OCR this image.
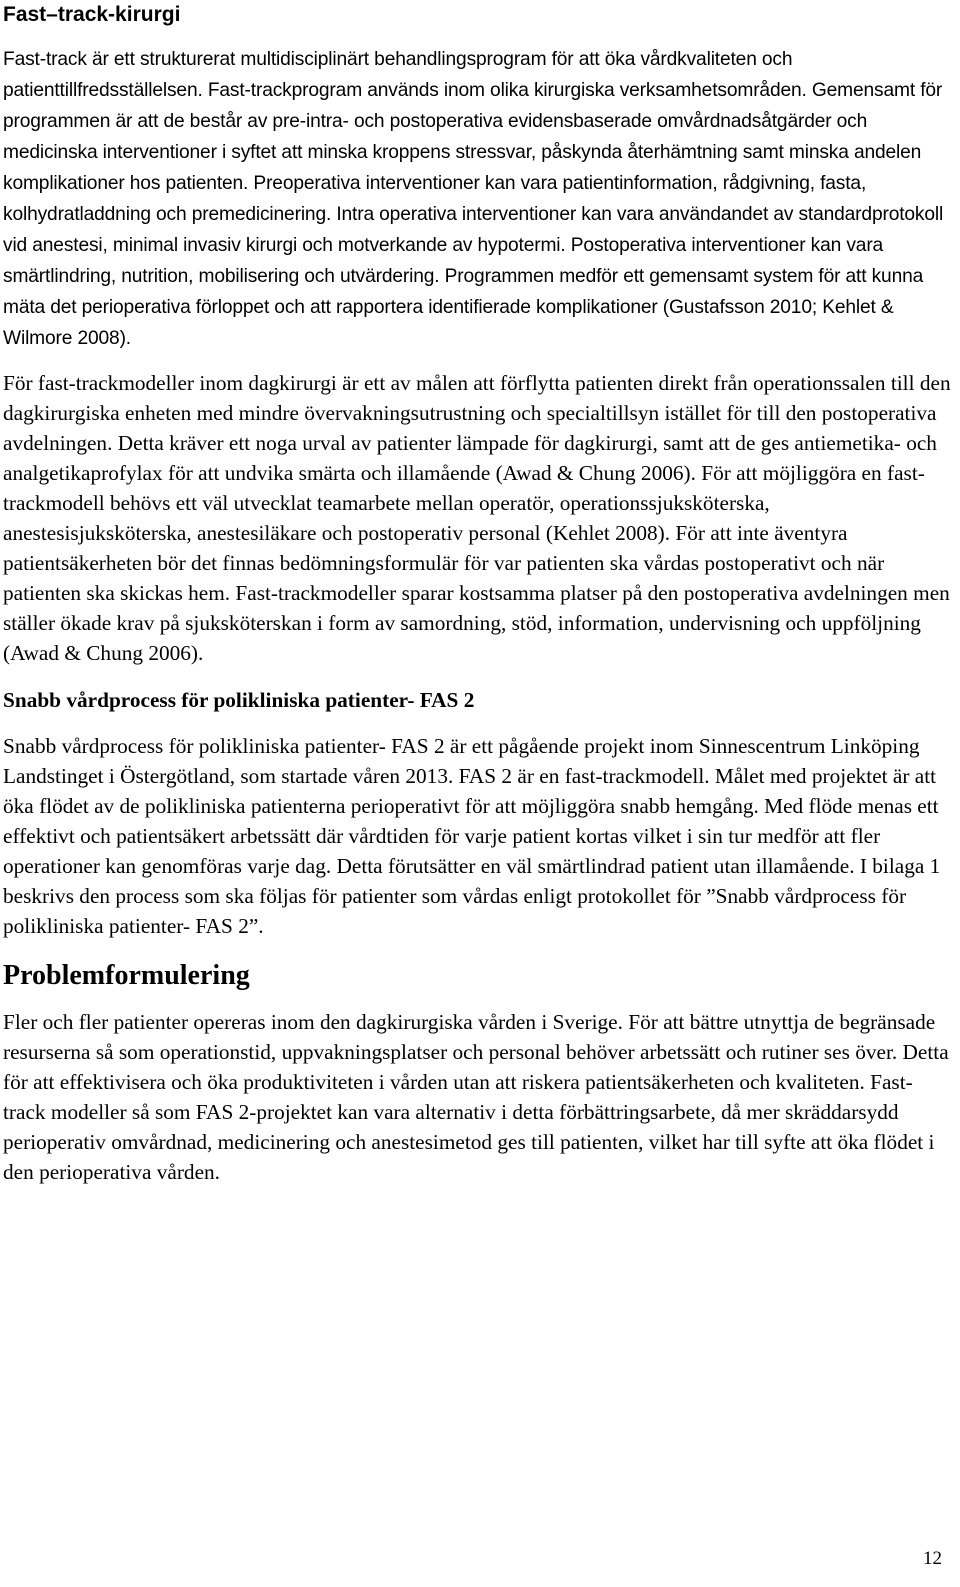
Fast–track-kirurgi

Fast-track är ett strukturerat multidisciplinärt behandlingsprogram för att öka vårdkvaliteten och patienttillfredsställelsen. Fast-trackprogram används inom olika kirurgiska verksamhetsområden. Gemensamt för programmen är att de består av pre-intra- och postoperativa evidensbaserade omvårdnadsåtgärder och medicinska interventioner i syftet att minska kroppens stressvar, påskynda återhämtning samt minska andelen komplikationer hos patienten. Preoperativa interventioner kan vara patientinformation, rådgivning, fasta, kolhydratladdning och premedicinering. Intra operativa interventioner kan vara användandet av standardprotokoll vid anestesi, minimal invasiv kirurgi och motverkande av hypotermi. Postoperativa interventioner kan vara smärtlindring, nutrition, mobilisering och utvärdering. Programmen medför ett gemensamt system för att kunna mäta det perioperativa förloppet och att rapportera identifierade komplikationer (Gustafsson 2010; Kehlet & Wilmore 2008).

För fast-trackmodeller inom dagkirurgi är ett av målen att förflytta patienten direkt från operationssalen till den dagkirurgiska enheten med mindre övervakningsutrustning och specialtillsyn istället för till den postoperativa avdelningen. Detta kräver ett noga urval av patienter lämpade för dagkirurgi, samt att de ges antiemetika- och analgetikaprofylax för att undvika smärta och illamående (Awad & Chung 2006). För att möjliggöra en fast-trackmodell behövs ett väl utvecklat teamarbete mellan operatör, operationssjuksköterska, anestesisjuksköterska, anestesiläkare och postoperativ personal (Kehlet 2008). För att inte äventyra patientsäkerheten bör det finnas bedömningsformulär för var patienten ska vårdas postoperativt och när patienten ska skickas hem. Fast-trackmodeller sparar kostsamma platser på den postoperativa avdelningen men ställer ökade krav på sjuksköterskan i form av samordning, stöd, information, undervisning och uppföljning (Awad & Chung 2006).

Snabb vårdprocess för polikliniska patienter- FAS 2

Snabb vårdprocess för polikliniska patienter- FAS 2 är ett pågående projekt inom Sinnescentrum Linköping Landstinget i Östergötland, som startade våren 2013. FAS 2 är en fast-trackmodell. Målet med projektet är att öka flödet av de polikliniska patienterna perioperativt för att möjliggöra snabb hemgång. Med flöde menas ett effektivt och patientsäkert arbetssätt där vårdtiden för varje patient kortas vilket i sin tur medför att fler operationer kan genomföras varje dag. Detta förutsätter en väl smärtlindrad patient utan illamående. I bilaga 1 beskrivs den process som ska följas för patienter som vårdas enligt protokollet för ”Snabb vårdprocess för polikliniska patienter- FAS 2”.

Problemformulering

Fler och fler patienter opereras inom den dagkirurgiska vården i Sverige. För att bättre utnyttja de begränsade resurserna så som operationstid, uppvakningsplatser och personal behöver arbetssätt och rutiner ses över. Detta för att effektivisera och öka produktiviteten i vården utan att riskera patientsäkerheten och kvaliteten. Fast-track modeller så som FAS 2-projektet kan vara alternativ i detta förbättringsarbete, då mer skräddarsydd perioperativ omvårdnad, medicinering och anestesimetod ges till patienten, vilket har till syfte att öka flödet i den perioperativa vården.

12
